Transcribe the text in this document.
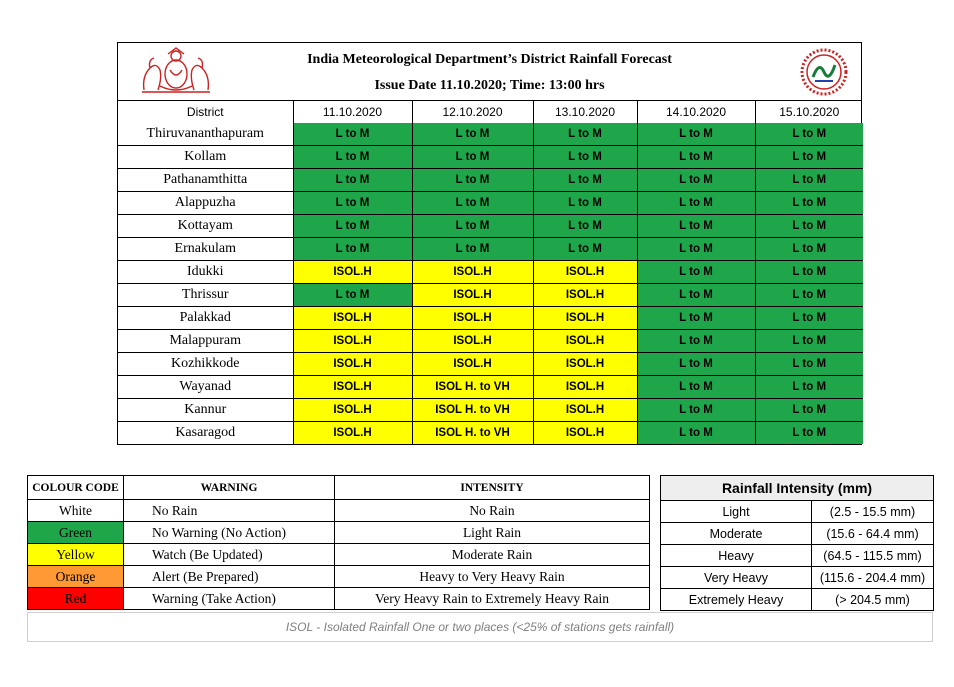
India Meteorological Department’s District Rainfall Forecast
Issue Date 11.10.2020; Time: 13:00 hrs
District	11.10.2020	12.10.2020	13.10.2020	14.10.2020	15.10.2020
Thiruvananthapuram	L to M	L to M	L to M	L to M	L to M
Kollam	L to M	L to M	L to M	L to M	L to M
Pathanamthitta	L to M	L to M	L to M	L to M	L to M
Alappuzha	L to M	L to M	L to M	L to M	L to M
Kottayam	L to M	L to M	L to M	L to M	L to M
Ernakulam	L to M	L to M	L to M	L to M	L to M
Idukki	ISOL.H	ISOL.H	ISOL.H	L to M	L to M
Thrissur	L to M	ISOL.H	ISOL.H	L to M	L to M
Palakkad	ISOL.H	ISOL.H	ISOL.H	L to M	L to M
Malappuram	ISOL.H	ISOL.H	ISOL.H	L to M	L to M
Kozhikkode	ISOL.H	ISOL.H	ISOL.H	L to M	L to M
Wayanad	ISOL.H	ISOL H. to VH	ISOL.H	L to M	L to M
Kannur	ISOL.H	ISOL H. to VH	ISOL.H	L to M	L to M
Kasaragod	ISOL.H	ISOL H. to VH	ISOL.H	L to M	L to M
COLOUR CODE	WARNING	INTENSITY
White	No Rain	No Rain
Green	No Warning (No Action)	Light Rain
Yellow	Watch (Be Updated)	Moderate Rain
Orange	Alert (Be Prepared)	Heavy to Very Heavy Rain
Red	Warning (Take Action)	Very Heavy Rain to Extremely Heavy Rain
Rainfall Intensity (mm)	
Light	(2.5 - 15.5 mm)
Moderate	(15.6 - 64.4 mm)
Heavy	(64.5 - 115.5 mm)
Very Heavy	(115.6 - 204.4 mm)
Extremely Heavy	(> 204.5 mm)
ISOL - Isolated Rainfall One or two places (<25% of stations gets rainfall)
